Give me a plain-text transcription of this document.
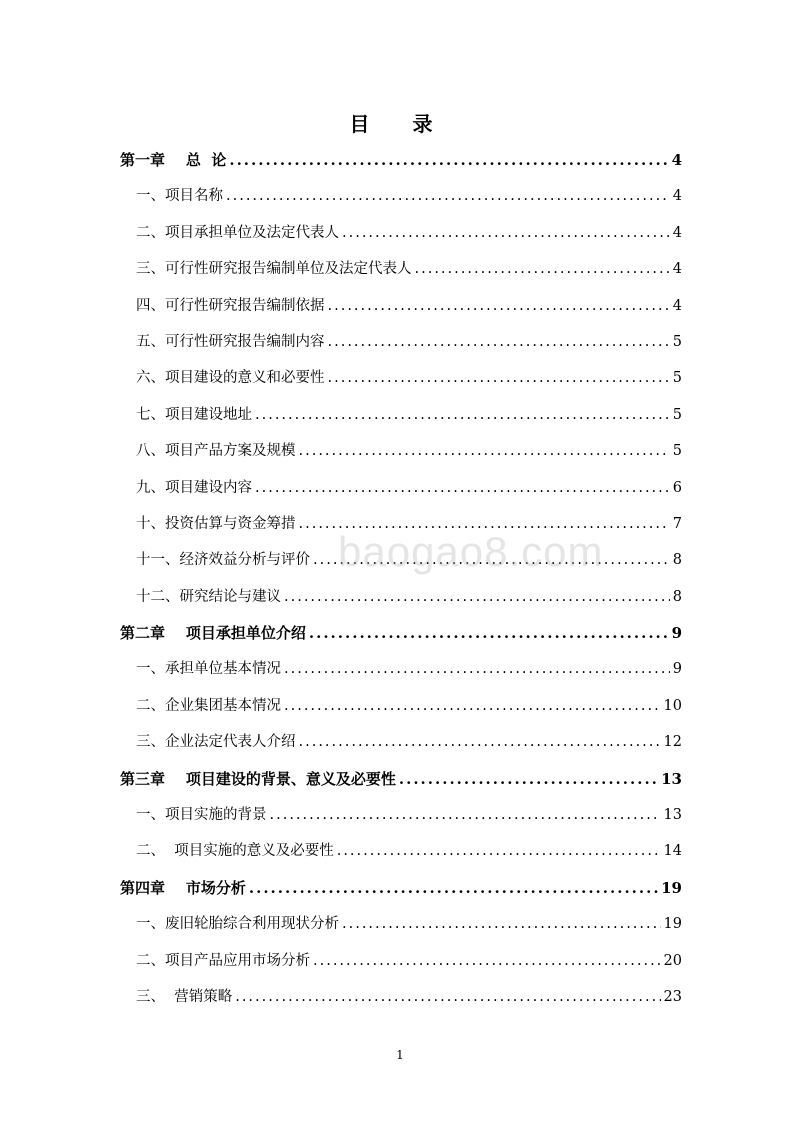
目 录
第一章    总  论 .....	4
一、项目名称 .....	4
二、项目承担单位及法定代表人 .....	4
三、可行性研究报告编制单位及法定代表人 .....	4
四、可行性研究报告编制依据 .....	4
五、可行性研究报告编制内容 .....	5
六、项目建设的意义和必要性 .....	5
七、项目建设地址 .....	5
八、项目产品方案及规模 .....	5
九、项目建设内容 .....	6
十、投资估算与资金筹措 .....	7
十一、经济效益分析与评价 .....	8
十二、研究结论与建议 .....	8
第二章    项目承担单位介绍 .....	9
一、承担单位基本情况 .....	9
二、企业集团基本情况 .....	10
三、企业法定代表人介绍 .....	12
第三章    项目建设的背景、意义及必要性 .....	13
一、项目实施的背景 .....	13
二、  项目实施的意义及必要性 .....	14
第四章    市场分析 .....	19
一、废旧轮胎综合利用现状分析 .....	19
二、项目产品应用市场分析 .....	20
三、  营销策略 .....	23
baogao8.com
1
